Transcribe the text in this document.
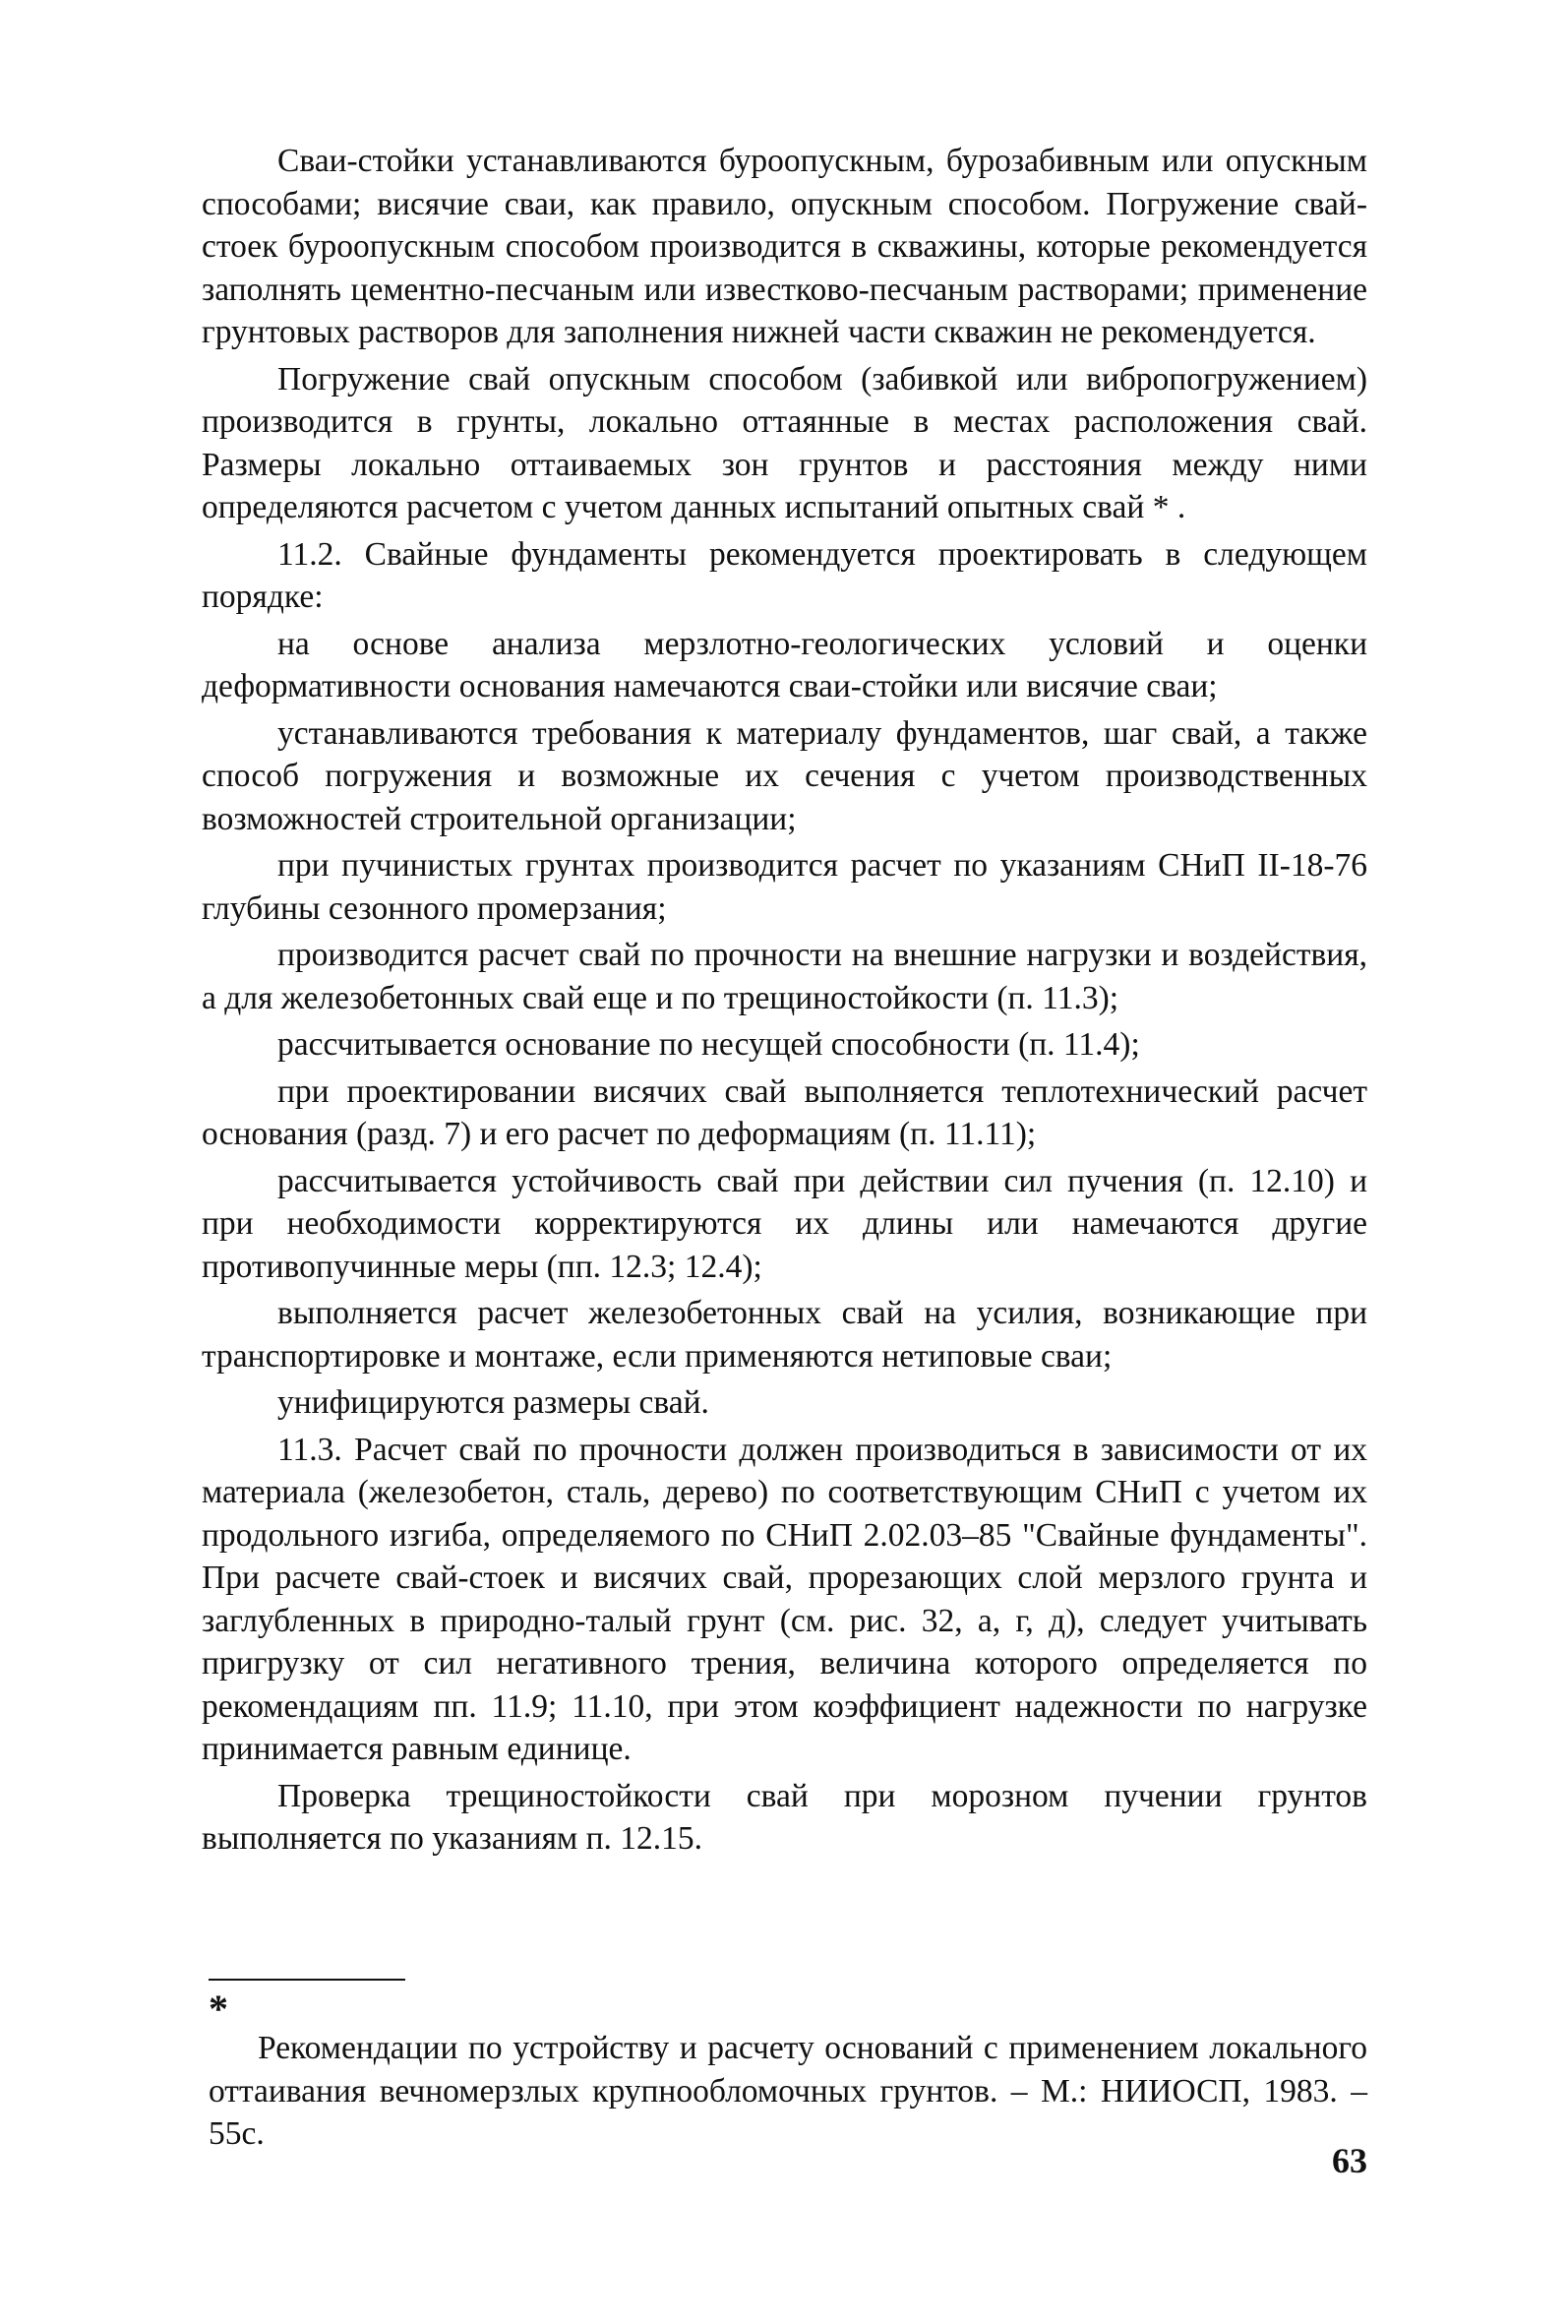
Сваи-стойки устанавливаются буроопускным, бурозабивным или опускным способами; висячие сваи, как правило, опускным способом. Погружение свай-стоек буроопускным способом производится в скважины, которые рекомендуется заполнять цементно-песчаным или известково-песчаным растворами; применение грунтовых растворов для заполнения нижней части скважин не рекомендуется.

Погружение свай опускным способом (забивкой или вибропогружением) производится в грунты, локально оттаянные в местах расположения свай. Размеры локально оттаиваемых зон грунтов и расстояния между ними определяются расчетом с учетом данных испытаний опытных свай * .

11.2. Свайные фундаменты рекомендуется проектировать в следующем порядке:

на основе анализа мерзлотно-геологических условий и оценки деформативности основания намечаются сваи-стойки или висячие сваи;

устанавливаются требования к материалу фундаментов, шаг свай, а также способ погружения и возможные их сечения с учетом производственных возможностей строительной организации;

при пучинистых грунтах производится расчет по указаниям СНиП II-18-76 глубины сезонного промерзания;

производится расчет свай по прочности на внешние нагрузки и воздействия, а для железобетонных свай еще и по трещиностойкости (п. 11.3);

рассчитывается основание по несущей способности (п. 11.4);

при проектировании висячих свай выполняется теплотехнический расчет основания (разд. 7) и его расчет по деформациям (п. 11.11);

рассчитывается устойчивость свай при действии сил пучения (п. 12.10) и при необходимости корректируются их длины или намечаются другие противопучинные меры (пп. 12.3; 12.4);

выполняется расчет железобетонных свай на усилия, возникающие при транспортировке и монтаже, если применяются нетиповые сваи;

унифицируются размеры свай.

11.3. Расчет свай по прочности должен производиться в зависимости от их материала (железобетон, сталь, дерево) по соответствующим СНиП с учетом их продольного изгиба, определяемого по СНиП 2.02.03–85 "Свайные фундаменты". При расчете свай-стоек и висячих свай, прорезающих слой мерзлого грунта и заглубленных в природно-талый грунт (см. рис. 32, а, г, д), следует учитывать пригрузку от сил негативного трения, величина которого определяется по рекомендациям пп. 11.9; 11.10, при этом коэффициент надежности по нагрузке принимается равным единице.

Проверка трещиностойкости свай при морозном пучении грунтов выполняется по указаниям п. 12.15.

*

Рекомендации по устройству и расчету оснований с применением локального оттаивания вечномерзлых крупнообломочных грунтов. – М.: НИИОСП, 1983. – 55с.

63
